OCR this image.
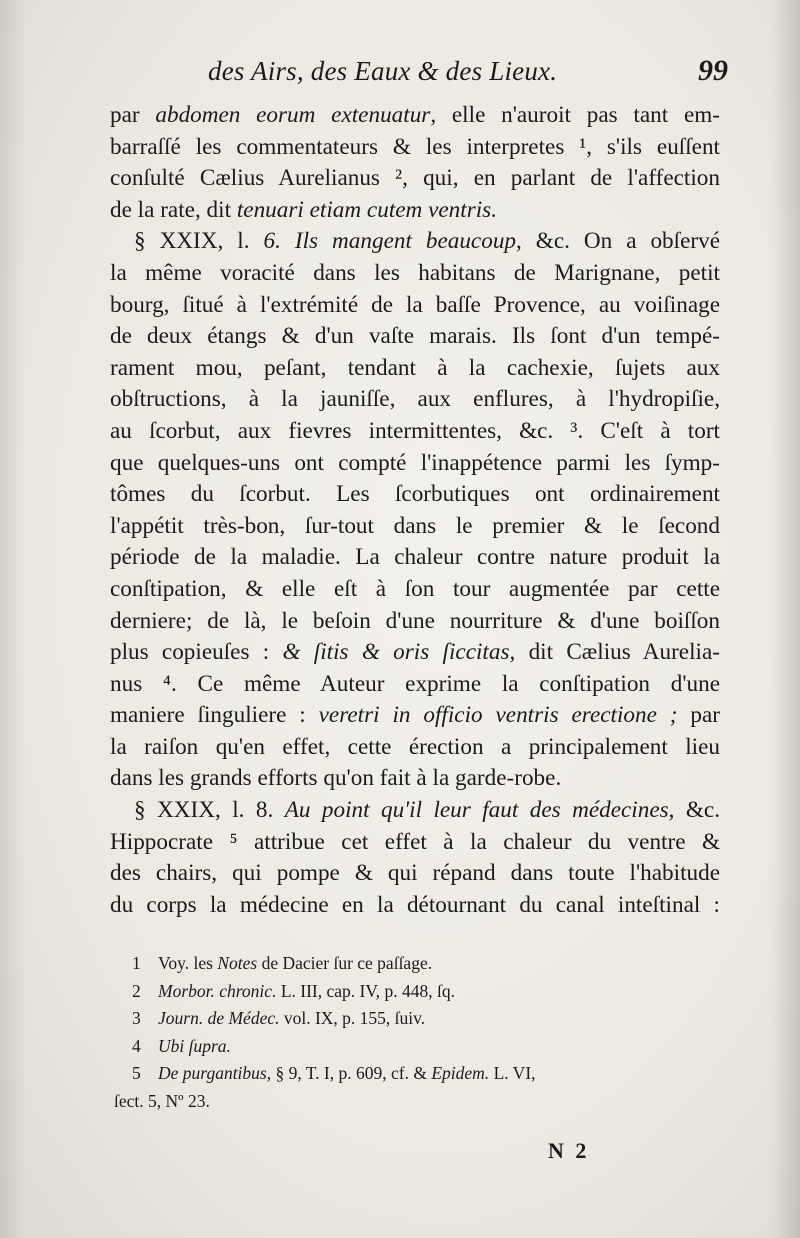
des Airs, des Eaux & des Lieux.	99
par abdomen eorum extenuatur, elle n'auroit pas tant em-
barraſſé les commentateurs & les interpretes ¹, s'ils euſſent
conſulté Cælius Aurelianus ², qui, en parlant de l'affection
de la rate, dit tenuari etiam cutem ventris.
§ XXIX, l. 6. Ils mangent beaucoup, &c. On a obſervé
la même voracité dans les habitans de Marignane, petit
bourg, ſitué à l'extrémité de la baſſe Provence, au voiſinage
de deux étangs & d'un vaſte marais. Ils ſont d'un tempé-
rament mou, peſant, tendant à la cachexie, ſujets aux
obſtructions, à la jauniſſe, aux enflures, à l'hydropiſie,
au ſcorbut, aux fievres intermittentes, &c. ³. C'eſt à tort
que quelques-uns ont compté l'inappétence parmi les ſymp-
tômes du ſcorbut. Les ſcorbutiques ont ordinairement
l'appétit très-bon, ſur-tout dans le premier & le ſecond
période de la maladie. La chaleur contre nature produit la
conſtipation, & elle eſt à ſon tour augmentée par cette
derniere; de là, le beſoin d'une nourriture & d'une boiſſon
plus copieuſes : & ſitis & oris ſiccitas, dit Cælius Aurelia-
nus ⁴. Ce même Auteur exprime la conſtipation d'une
maniere ſinguliere : veretri in officio ventris erectione ; par
la raiſon qu'en effet, cette érection a principalement lieu
dans les grands efforts qu'on fait à la garde-robe.
§ XXIX, l. 8. Au point qu'il leur faut des médecines, &c.
Hippocrate ⁵ attribue cet effet à la chaleur du ventre &
des chairs, qui pompe & qui répand dans toute l'habitude
du corps la médecine en la détournant du canal inteſtinal :
1 Voy. les Notes de Dacier ſur ce paſſage.
2 Morbor. chronic. L. III, cap. IV, p. 448, ſq.
3 Journ. de Médec. vol. IX, p. 155, ſuiv.
4 Ubi ſupra.
5 De purgantibus, § 9, T. I, p. 609, cf. & Epidem. L. VI,
ſect. 5, Nº 23.
N 2
